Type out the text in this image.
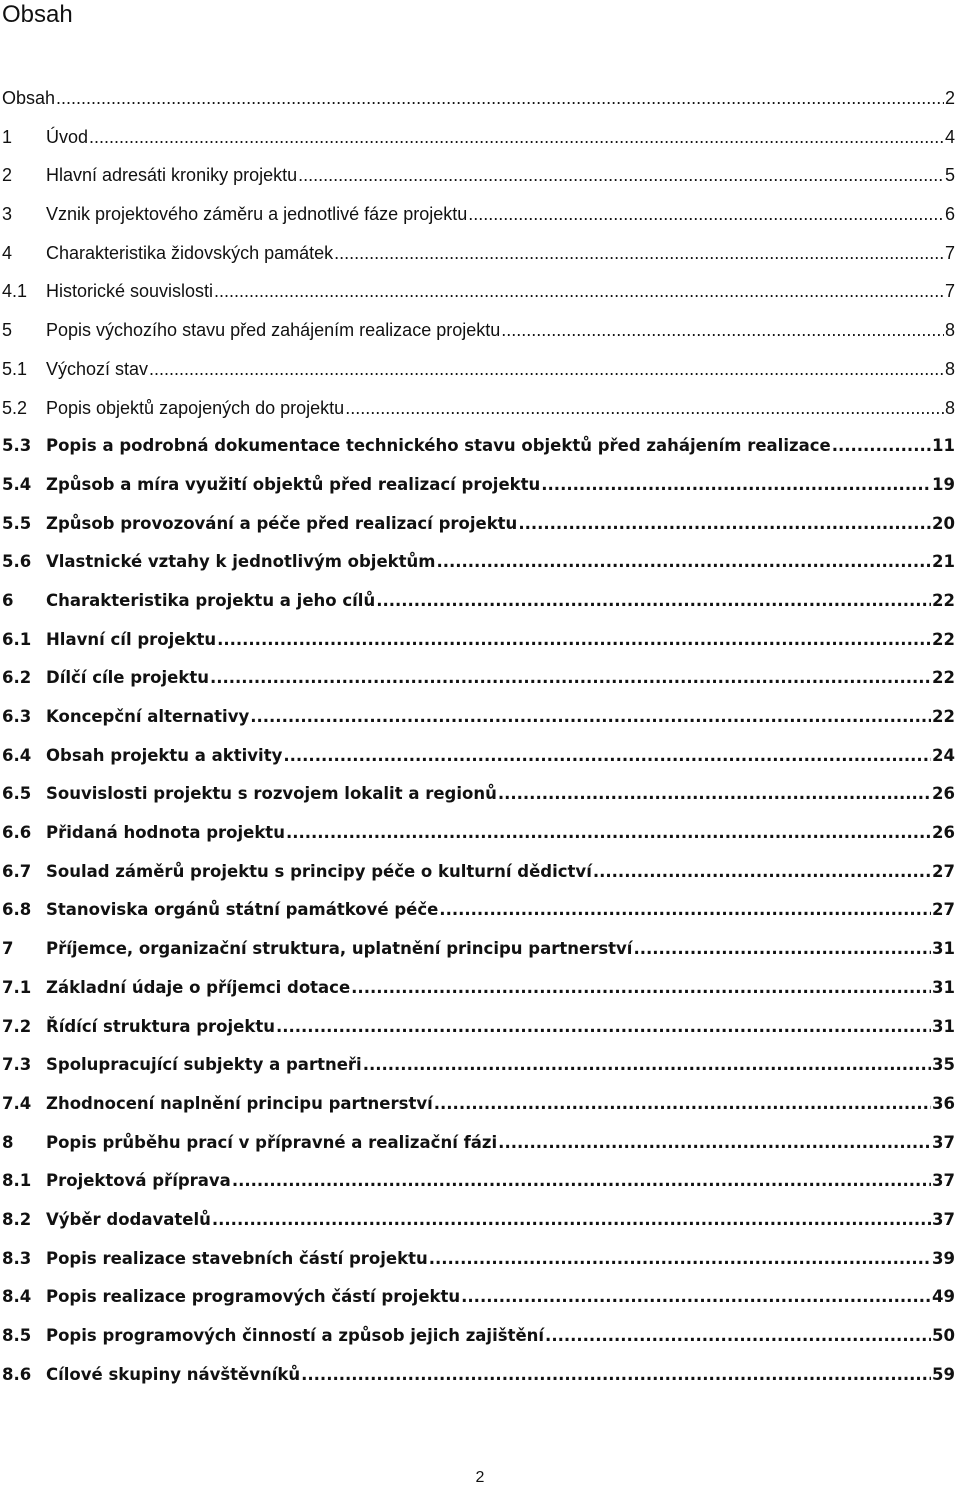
Obsah
Obsah .....	2
1	Úvod .....	4
2	Hlavní adresáti kroniky projektu .....	5
3	Vznik projektového záměru a jednotlivé fáze projektu .....	6
4	Charakteristika židovských památek .....	7
4.1	Historické souvislosti .....	7
5	Popis výchozího stavu před zahájením realizace projektu .....	8
5.1	Výchozí stav .....	8
5.2	Popis objektů zapojených do projektu .....	8
5.3 Popis a podrobná dokumentace technického stavu objektů před zahájením realizace .....	11
5.4 Způsob a míra využití objektů před realizací projektu .....	19
5.5 Způsob provozování a péče před realizací projektu .....	20
5.6 Vlastnické vztahy k jednotlivým objektům .....	21
6	Charakteristika projektu a jeho cílů .....	22
6.1 Hlavní cíl projektu .....	22
6.2 Dílčí cíle projektu .....	22
6.3 Koncepční alternativy .....	22
6.4 Obsah projektu a aktivity .....	24
6.5 Souvislosti projektu s rozvojem lokalit a regionů .....	26
6.6 Přidaná hodnota projektu .....	26
6.7 Soulad záměrů projektu s principy péče o kulturní dědictví .....	27
6.8 Stanoviska orgánů státní památkové péče .....	27
7	Příjemce, organizační struktura, uplatnění principu partnerství .....	31
7.1 Základní údaje o příjemci dotace .....	31
7.2 Řídící struktura projektu .....	31
7.3 Spolupracující subjekty a partneři .....	35
7.4 Zhodnocení naplnění principu partnerství .....	36
8	Popis průběhu prací v přípravné a realizační fázi .....	37
8.1 Projektová příprava .....	37
8.2 Výběr dodavatelů .....	37
8.3 Popis realizace stavebních částí projektu .....	39
8.4 Popis realizace programových částí projektu .....	49
8.5 Popis programových činností a způsob jejich zajištění .....	50
8.6 Cílové skupiny návštěvníků .....	59
2
